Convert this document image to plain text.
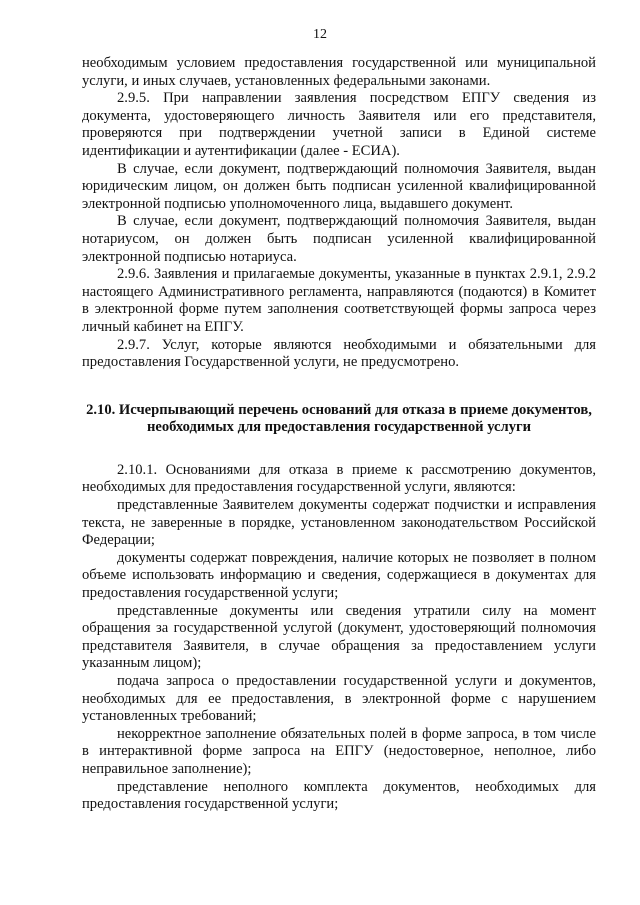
12

необходимым условием предоставления государственной или муниципальной услуги, и иных случаев, установленных федеральными законами.

2.9.5. При направлении заявления посредством ЕПГУ сведения из документа, удостоверяющего личность Заявителя или его представителя, проверяются при подтверждении учетной записи в Единой системе идентификации и аутентификации (далее - ЕСИА).

В случае, если документ, подтверждающий полномочия Заявителя, выдан юридическим лицом, он должен быть подписан усиленной квалифицированной электронной подписью уполномоченного лица, выдавшего документ.

В случае, если документ, подтверждающий полномочия Заявителя, выдан нотариусом, он должен быть подписан усиленной квалифицированной электронной подписью нотариуса.

2.9.6. Заявления и прилагаемые документы, указанные в пунктах 2.9.1, 2.9.2 настоящего Административного регламента, направляются (подаются) в Комитет в электронной форме путем заполнения соответствующей формы запроса через личный кабинет на ЕПГУ.

2.9.7. Услуг, которые являются необходимыми и обязательными для предоставления Государственной услуги, не предусмотрено.

2.10. Исчерпывающий перечень оснований для отказа в приеме документов, необходимых для предоставления государственной услуги

2.10.1. Основаниями для отказа в приеме к рассмотрению документов, необходимых для предоставления государственной услуги, являются:

представленные Заявителем документы содержат подчистки и исправления текста, не заверенные в порядке, установленном законодательством Российской Федерации;

документы содержат повреждения, наличие которых не позволяет в полном объеме использовать информацию и сведения, содержащиеся в документах для предоставления государственной услуги;

представленные документы или сведения утратили силу на момент обращения за государственной услугой (документ, удостоверяющий полномочия представителя Заявителя, в случае обращения за предоставлением услуги указанным лицом);

подача запроса о предоставлении государственной услуги и документов, необходимых для ее предоставления, в электронной форме с нарушением установленных требований;

некорректное заполнение обязательных полей в форме запроса, в том числе в интерактивной форме запроса на ЕПГУ (недостоверное, неполное, либо неправильное заполнение);

представление неполного комплекта документов, необходимых для предоставления государственной услуги;
